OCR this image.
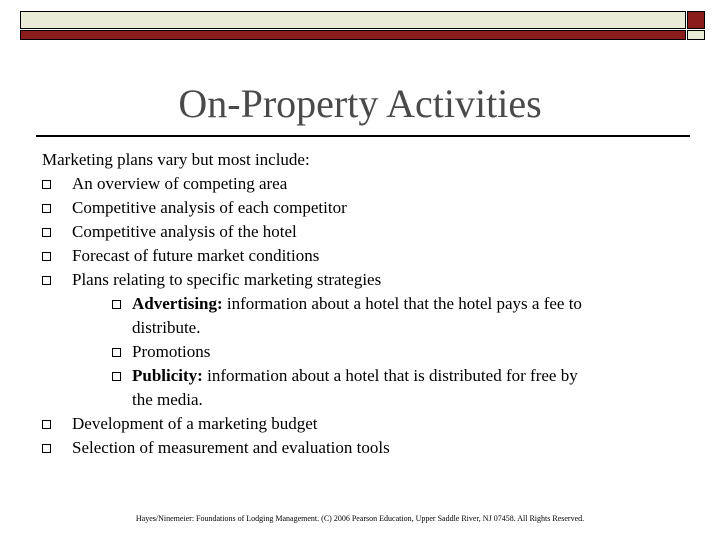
On-Property Activities

Marketing plans vary but most include:

An overview of competing area
Competitive analysis of each competitor
Competitive analysis of the hotel
Forecast of future market conditions
Plans relating to specific marketing strategies
Advertising: information about a hotel that the hotel pays a fee to
distribute.
Promotions
Publicity: information about a hotel that is distributed for free by
the media.
Development of a marketing budget
Selection of measurement and evaluation tools
Hayes/Ninemeier: Foundations of Lodging Management. (C) 2006 Pearson Education, Upper Saddle River, NJ 07458. All Rights Reserved.
